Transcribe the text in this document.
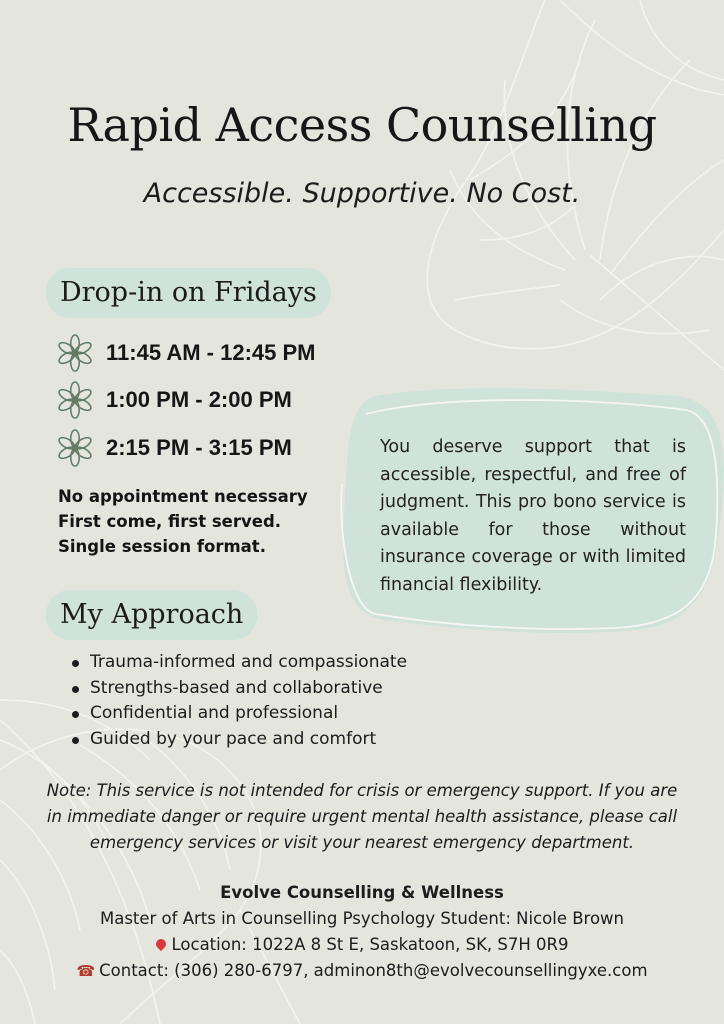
Rapid Access Counselling
Accessible. Supportive. No Cost.
Drop-in on Fridays
11:45 AM - 12:45 PM
1:00 PM - 2:00 PM
2:15 PM - 3:15 PM
No appointment necessary
First come, first served.
Single session format.
You deserve support that is accessible, respectful, and free of judgment. This pro bono service is available for those without insurance coverage or with limited financial flexibility.
My Approach
Trauma-informed and compassionate
Strengths-based and collaborative
Confidential and professional
Guided by your pace and comfort
Note: This service is not intended for crisis or emergency support. If you are in immediate danger or require urgent mental health assistance, please call emergency services or visit your nearest emergency department.
Evolve Counselling & Wellness
Master of Arts in Counselling Psychology Student: Nicole Brown
Location: 1022A 8 St E, Saskatoon, SK, S7H 0R9
☎ Contact: (306) 280-6797, adminon8th@evolvecounsellingyxe.com
